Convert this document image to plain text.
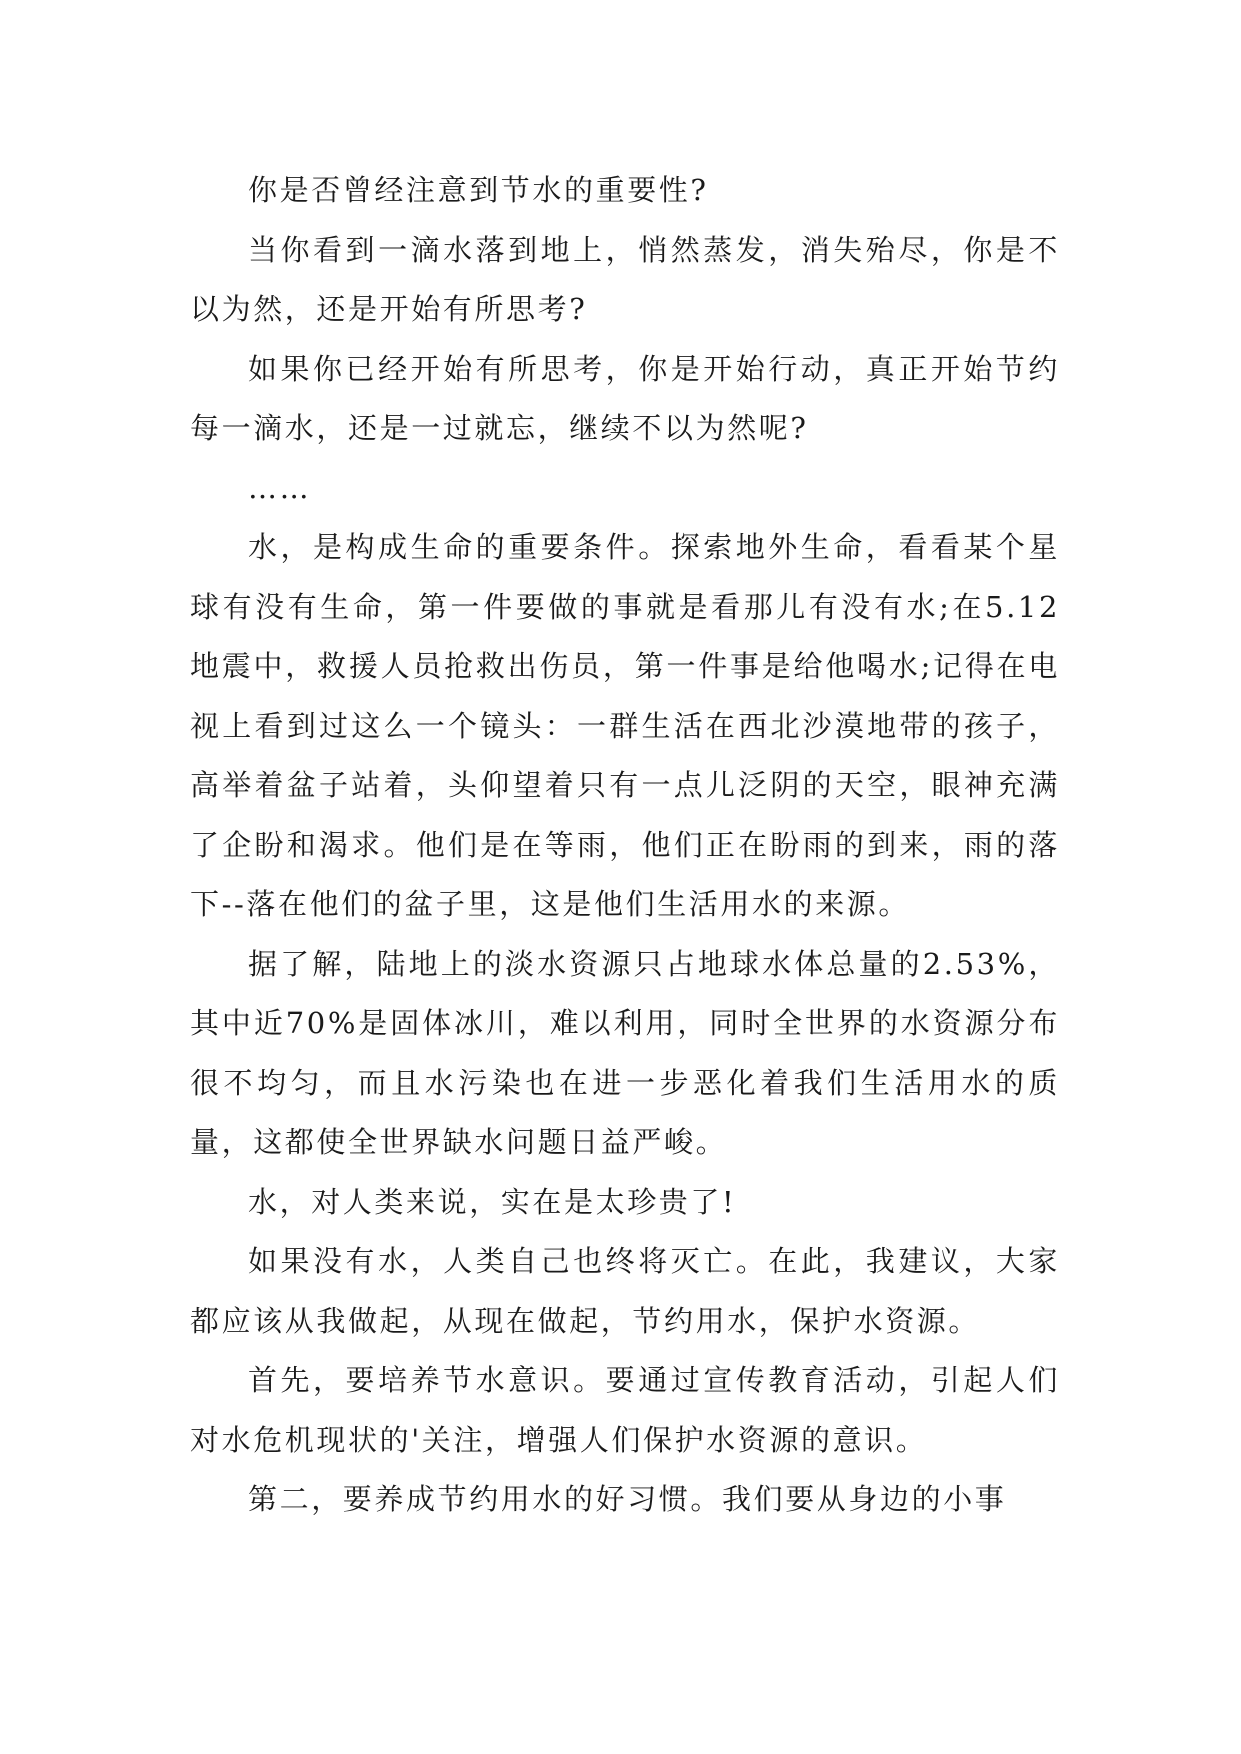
你是否曾经注意到节水的重要性?

当你看到一滴水落到地上，悄然蒸发，消失殆尽，你是不以为然，还是开始有所思考?

如果你已经开始有所思考，你是开始行动，真正开始节约每一滴水，还是一过就忘，继续不以为然呢?

……

水，是构成生命的重要条件。探索地外生命，看看某个星球有没有生命，第一件要做的事就是看那儿有没有水;在5.12地震中，救援人员抢救出伤员，第一件事是给他喝水;记得在电视上看到过这么一个镜头：一群生活在西北沙漠地带的孩子，高举着盆子站着，头仰望着只有一点儿泛阴的天空，眼神充满了企盼和渴求。他们是在等雨，他们正在盼雨的到来，雨的落下--落在他们的盆子里，这是他们生活用水的来源。

据了解，陆地上的淡水资源只占地球水体总量的2.53%，其中近70%是固体冰川，难以利用，同时全世界的水资源分布很不均匀，而且水污染也在进一步恶化着我们生活用水的质量，这都使全世界缺水问题日益严峻。

水，对人类来说，实在是太珍贵了!

如果没有水，人类自己也终将灭亡。在此，我建议，大家都应该从我做起，从现在做起，节约用水，保护水资源。

首先，要培养节水意识。要通过宣传教育活动，引起人们对水危机现状的'关注，增强人们保护水资源的意识。

第二，要养成节约用水的好习惯。我们要从身边的小事
